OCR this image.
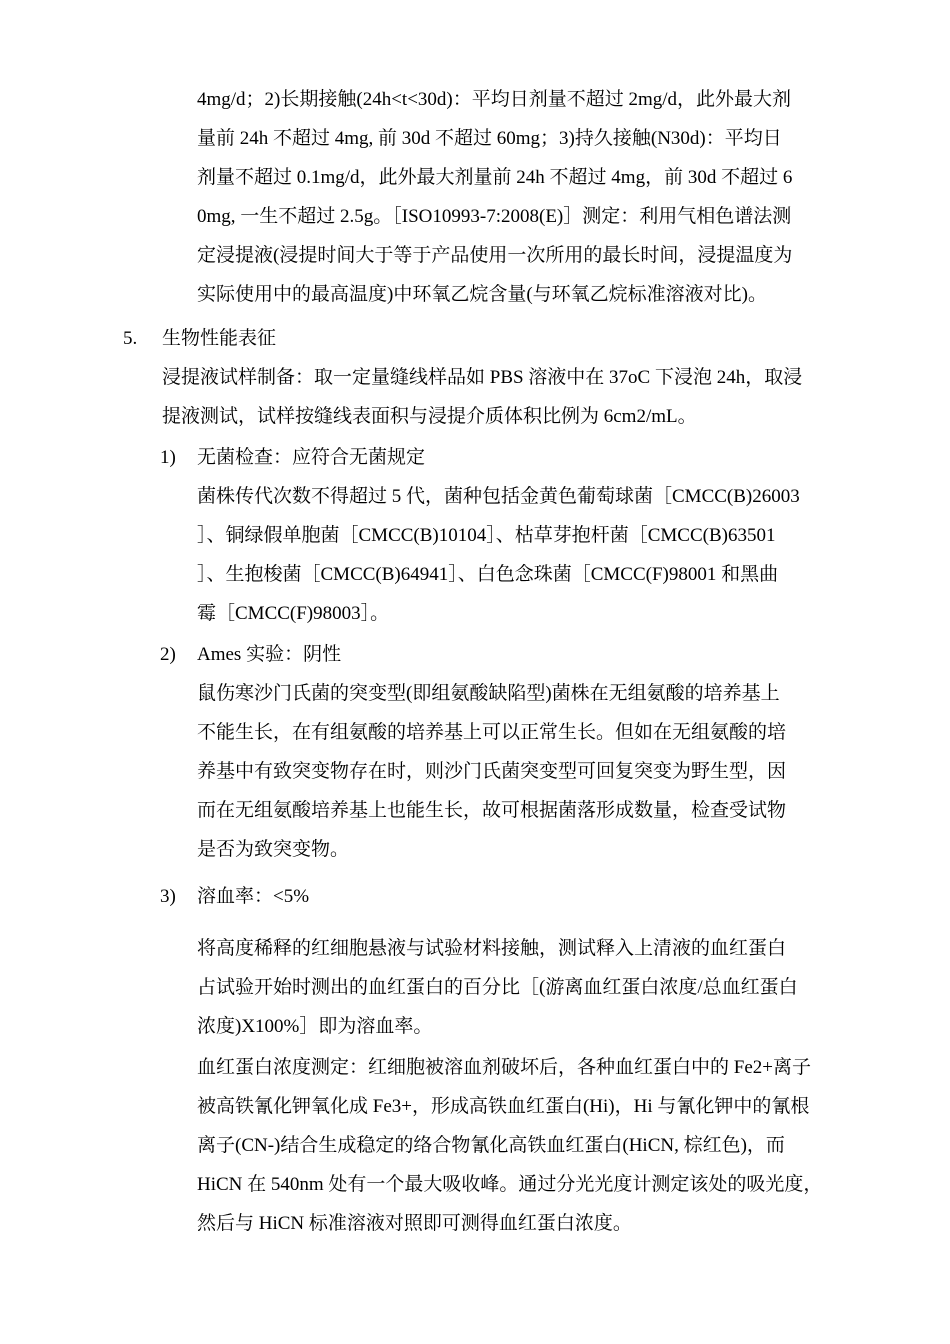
4mg/d；2)长期接触(24h<t<30d)：平均日剂量不超过 2mg/d，此外最大剂
量前 24h 不超过 4mg, 前 30d 不超过 60mg；3)持久接触(N30d)：平均日
剂量不超过 0.1mg/d，此外最大剂量前 24h 不超过 4mg，前 30d 不超过 6
0mg, 一生不超过 2.5g。［ISO10993-7:2008(E)］测定：利用气相色谱法测
定浸提液(浸提时间大于等于产品使用一次所用的最长时间，浸提温度为
实际使用中的最高温度)中环氧乙烷含量(与环氧乙烷标准溶液对比)。
5. 生物性能表征
浸提液试样制备：取一定量缝线样品如 PBS 溶液中在 37oC 下浸泡 24h，取浸
提液测试，试样按缝线表面积与浸提介质体积比例为 6cm2/mL。
1) 无菌检查：应符合无菌规定
菌株传代次数不得超过 5 代，菌种包括金黄色葡萄球菌［CMCC(B)26003
］、铜绿假单胞菌［CMCC(B)10104］、枯草芽抱杆菌［CMCC(B)63501
］、生抱梭菌［CMCC(B)64941］、白色念珠菌［CMCC(F)98001 和黑曲
霉［CMCC(F)98003］。
2) Ames 实验：阴性
鼠伤寒沙门氏菌的突变型(即组氨酸缺陷型)菌株在无组氨酸的培养基上
不能生长，在有组氨酸的培养基上可以正常生长。但如在无组氨酸的培
养基中有致突变物存在时，则沙门氏菌突变型可回复突变为野生型，因
而在无组氨酸培养基上也能生长，故可根据菌落形成数量，检查受试物
是否为致突变物。
3) 溶血率：<5%
将高度稀释的红细胞悬液与试验材料接触，测试释入上清液的血红蛋白
占试验开始时测出的血红蛋白的百分比［(游离血红蛋白浓度/总血红蛋白
浓度)X100%］即为溶血率。
血红蛋白浓度测定：红细胞被溶血剂破坏后，各种血红蛋白中的 Fe2+离子
被高铁氰化钾氧化成 Fe3+，形成高铁血红蛋白(Hi)，Hi 与氰化钾中的氰根
离子(CN-)结合生成稳定的络合物氰化高铁血红蛋白(HiCN, 棕红色)，而
HiCN 在 540nm 处有一个最大吸收峰。通过分光光度计测定该处的吸光度，
然后与 HiCN 标准溶液对照即可测得血红蛋白浓度。
